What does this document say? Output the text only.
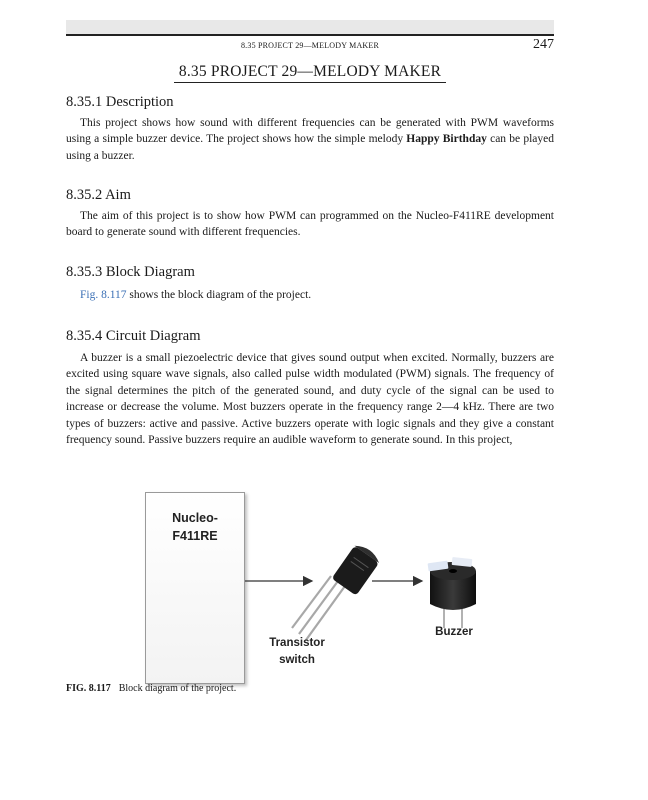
8.35 PROJECT 29—MELODY MAKER	247
8.35 PROJECT 29—MELODY MAKER
8.35.1 Description

This project shows how sound with different frequencies can be generated with PWM waveforms using a simple buzzer device. The project shows how the simple melody Happy Birthday can be played using a buzzer.

8.35.2 Aim

The aim of this project is to show how PWM can programmed on the Nucleo-F411RE development board to generate sound with different frequencies.

8.35.3 Block Diagram

Fig. 8.117 shows the block diagram of the project.

8.35.4 Circuit Diagram

A buzzer is a small piezoelectric device that gives sound output when excited. Normally, buzzers are excited using square wave signals, also called pulse width modulated (PWM) signals. The frequency of the signal determines the pitch of the generated sound, and duty cycle of the signal can be used to increase or decrease the volume. Most buzzers operate in the frequency range 2—4 kHz. There are two types of buzzers: active and passive. Active buzzers operate with logic signals and they give a constant frequency sound. Passive buzzers require an audible waveform to generate sound. In this project,

Nucleo-
F411RE
Transistor
switch
Buzzer
FIG. 8.117 Block diagram of the project.
